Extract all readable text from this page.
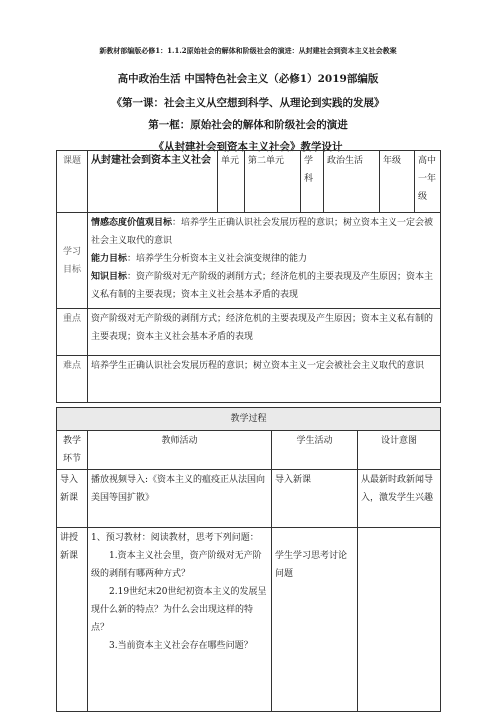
新教材部编版必修1：1.1.2原始社会的解体和阶级社会的演进：从封建社会到资本主义社会教案
高中政治生活 中国特色社会主义（必修1）2019部编版
《第一课：社会主义从空想到科学、从理论到实践的发展》
第一框：原始社会的解体和阶级社会的演进
《从封建社会到资本主义社会》教学设计
课题	从封建社会到资本主义社会	单元	第二单元	学科	政治生活	年级	高中一年级
学习目标	情感态度价值观目标：培养学生正确认识社会发展历程的意识；树立资本主义一定会被社会主义取代的意识
能力目标：培养学生分析资本主义社会演变规律的能力
知识目标：资产阶级对无产阶级的剥削方式；经济危机的主要表现及产生原因；资本主义私有制的主要表现；资本主义社会基本矛盾的表现						

重点	资产阶级对无产阶级的剥削方式；经济危机的主要表现及产生原因；资本主义私有制的主要表现；资本主义社会基本矛盾的表现						
难点	培养学生正确认识社会发展历程的意识；树立资本主义一定会被社会主义取代的意识						
教学过程			
教学环节	教师活动	学生活动	设计意图
导入新课	播放视频导入:《资本主义的瘟疫正从法国向美国等国扩散》	导入新课	从最新时政新闻导入，激发学生兴趣
讲授新课	1、预习教材：阅读教材，思考下列问题：
1.资本主义社会里，资产阶级对无产阶级的剥削有哪两种方式？
2.19世纪末20世纪初资本主义的发展呈现什么新的特点？为什么会出现这样的特点？
3.当前资本主义社会存在哪些问题？	学生学习思考讨论问题	
